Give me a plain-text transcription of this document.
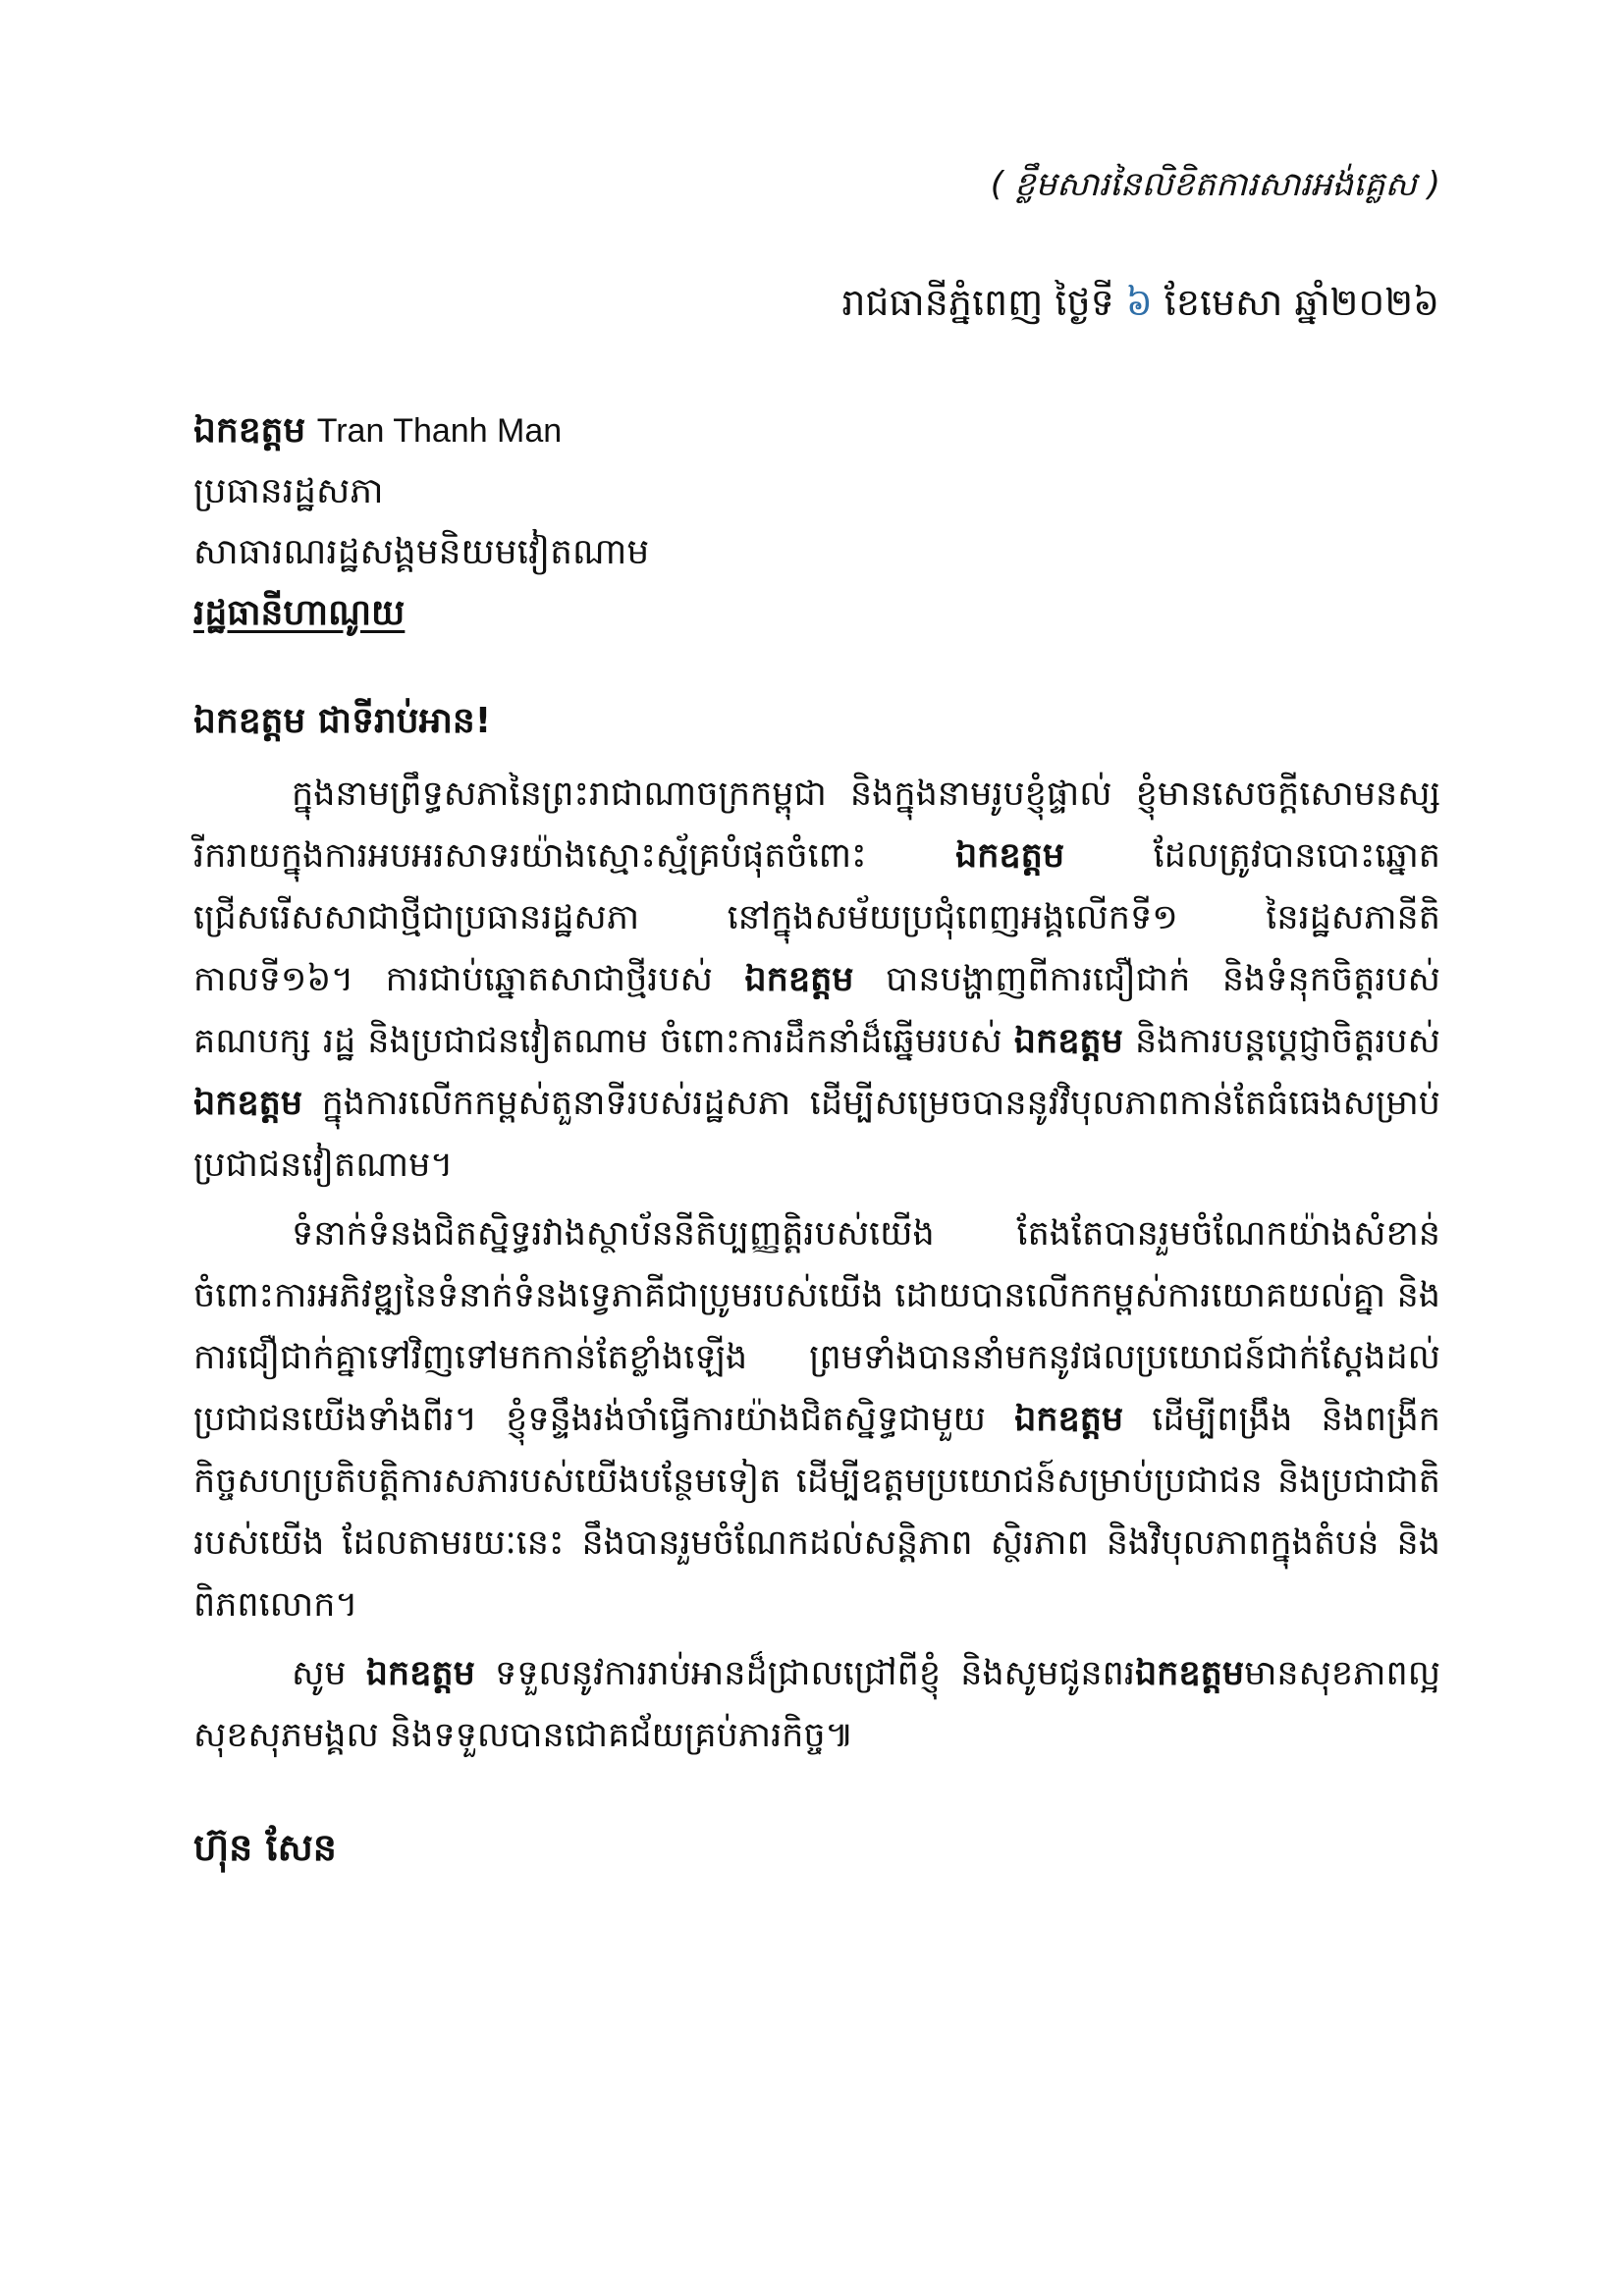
( ខ្លឹមសារនៃលិខិតការសារអង់គ្លេស )
រាជធានីភ្នំពេញ ថ្ងៃទី ៦ ខែមេសា ឆ្នាំ២០២៦
ឯកឧត្តម Tran Thanh Man
ប្រធានរដ្ឋសភា
សាធារណរដ្ឋសង្គមនិយមវៀតណាម
រដ្ឋធានីហាណូយ
ឯកឧត្តម ជាទីរាប់អាន!

ក្នុងនាមព្រឹទ្ធសភានៃព្រះរាជាណាចក្រកម្ពុជា និងក្នុងនាមរូបខ្ញុំផ្ទាល់ ខ្ញុំមានសេចក្តីសោមនស្សរីករាយក្នុងការអបអរសាទរយ៉ាងស្មោះស្ម័គ្របំផុតចំពោះ ឯកឧត្តម ដែលត្រូវបានបោះឆ្នោតជ្រើសរើសសាជាថ្មីជាប្រធានរដ្ឋសភា នៅក្នុងសម័យប្រជុំពេញអង្គលើកទី១ នៃរដ្ឋសភានីតិកាលទី១៦។ ការជាប់ឆ្នោតសាជាថ្មីរបស់ ឯកឧត្តម បានបង្ហាញពីការជឿជាក់ និងទំនុកចិត្តរបស់គណបក្ស រដ្ឋ និងប្រជាជនវៀតណាម ចំពោះការដឹកនាំដ៏ឆ្នើមរបស់ ឯកឧត្តម និងការបន្តប្តេជ្ញាចិត្តរបស់ ឯកឧត្តម ក្នុងការលើកកម្ពស់តួនាទីរបស់រដ្ឋសភា ដើម្បីសម្រេចបាននូវវិបុលភាពកាន់តែធំធេងសម្រាប់ប្រជាជនវៀតណាម។

ទំនាក់ទំនងជិតស្និទ្ធរវាងស្ថាប័ននីតិប្បញ្ញត្តិរបស់យើង តែងតែបានរួមចំណែកយ៉ាងសំខាន់ចំពោះការអភិវឌ្ឍនៃទំនាក់ទំនងទ្វេភាគីជាប្រូមរបស់យើង ដោយបានលើកកម្ពស់ការយោគយល់គ្នា និងការជឿជាក់គ្នាទៅវិញទៅមកកាន់តែខ្លាំងឡើង ព្រមទាំងបាននាំមកនូវផលប្រយោជន៍ជាក់ស្តែងដល់ប្រជាជនយើងទាំងពីរ។ ខ្ញុំទន្ទឹងរង់ចាំធ្វើការយ៉ាងជិតស្និទ្ធជាមួយ ឯកឧត្តម ដើម្បីពង្រឹង និងពង្រីកកិច្ចសហប្រតិបត្តិការសភារបស់យើងបន្ថែមទៀត ដើម្បីឧត្តមប្រយោជន៍សម្រាប់ប្រជាជន និងប្រជាជាតិរបស់យើង ដែលតាមរយៈនេះ នឹងបានរួមចំណែកដល់សន្តិភាព ស្ថិរភាព និងវិបុលភាពក្នុងតំបន់ និងពិភពលោក។

សូម ឯកឧត្តម ទទួលនូវការរាប់អានដ៏ជ្រាលជ្រៅពីខ្ញុំ និងសូមជូនពរឯកឧត្តមមានសុខភាពល្អ សុខសុភមង្គល និងទទួលបានជោគជ័យគ្រប់ភារកិច្ច៕

ហ៊ុន សែន
